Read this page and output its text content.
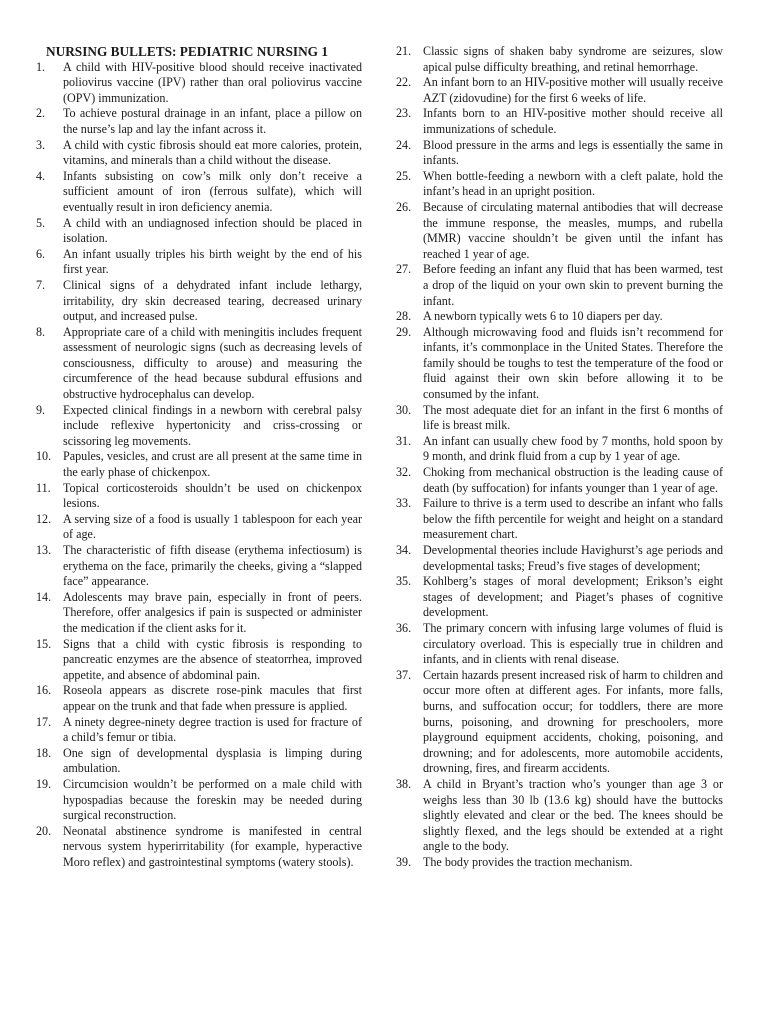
NURSING BULLETS: PEDIATRIC NURSING 1
1.	A child with HIV-positive blood should receive inactivated poliovirus vaccine (IPV) rather than oral poliovirus vaccine (OPV) immunization.
2.	To achieve postural drainage in an infant, place a pillow on the nurse’s lap and lay the infant across it.
3.	A child with cystic fibrosis should eat more calories, protein, vitamins, and minerals than a child without the disease.
4.	Infants subsisting on cow’s milk only don’t receive a sufficient amount of iron (ferrous sulfate), which will eventually result in iron deficiency anemia.
5.	A child with an undiagnosed infection should be placed in isolation.
6.	An infant usually triples his birth weight by the end of his first year.
7.	Clinical signs of a dehydrated infant include lethargy, irritability, dry skin decreased tearing, decreased urinary output, and increased pulse.
8.	Appropriate care of a child with meningitis includes frequent assessment of neurologic signs (such as decreasing levels of consciousness, difficulty to arouse) and measuring the circumference of the head because subdural effusions and obstructive hydrocephalus can develop.
9.	Expected clinical findings in a newborn with cerebral palsy include reflexive hypertonicity and criss-crossing or scissoring leg movements.
10. Papules, vesicles, and crust are all present at the same time in the early phase of chickenpox.
11.	Topical corticosteroids shouldn’t be used on chickenpox lesions.
12. A serving size of a food is usually 1 tablespoon for each year of age.
13. The characteristic of fifth disease (erythema infectiosum) is erythema on the face, primarily the cheeks, giving a “slapped face” appearance.
14. Adolescents may brave pain, especially in front of peers. Therefore, offer analgesics if pain is suspected or administer the medication if the client asks for it.
15. Signs that a child with cystic fibrosis is responding to pancreatic enzymes are the absence of steatorrhea, improved appetite, and absence of abdominal pain.
16. Roseola appears as discrete rose-pink macules that first appear on the trunk and that fade when pressure is applied.
17. A ninety degree-ninety degree traction is used for fracture of a child’s femur or tibia.
18. One sign of developmental dysplasia is limping during ambulation.
19. Circumcision wouldn’t be performed on a male child with hypospadias because the foreskin may be needed during surgical reconstruction.
20. Neonatal abstinence syndrome is manifested in central nervous system hyperirritability (for example, hyperactive Moro reflex) and gastrointestinal symptoms (watery stools).
21. Classic signs of shaken baby syndrome are seizures, slow apical pulse difficulty breathing, and retinal hemorrhage.
22. An infant born to an HIV-positive mother will usually receive AZT (zidovudine) for the first 6 weeks of life.
23. Infants born to an HIV-positive mother should receive all immunizations of schedule.
24. Blood pressure in the arms and legs is essentially the same in infants.
25. When bottle-feeding a newborn with a cleft palate, hold the infant’s head in an upright position.
26. Because of circulating maternal antibodies that will decrease the immune response, the measles, mumps, and rubella (MMR) vaccine shouldn’t be given until the infant has reached 1 year of age.
27. Before feeding an infant any fluid that has been warmed, test a drop of the liquid on your own skin to prevent burning the infant.
28. A newborn typically wets 6 to 10 diapers per day.
29. Although microwaving food and fluids isn’t recommend for infants, it’s commonplace in the United States. Therefore the family should be toughs to test the temperature of the food or fluid against their own skin before allowing it to be consumed by the infant.
30. The most adequate diet for an infant in the first 6 months of life is breast milk.
31. An infant can usually chew food by 7 months, hold spoon by 9 month, and drink fluid from a cup by 1 year of age.
32. Choking from mechanical obstruction is the leading cause of death (by suffocation) for infants younger than 1 year of age.
33. Failure to thrive is a term used to describe an infant who falls below the fifth percentile for weight and height on a standard measurement chart.
34. Developmental theories include Havighurst’s age periods and developmental tasks; Freud’s five stages of development;
35. Kohlberg’s stages of moral development; Erikson’s eight stages of development; and Piaget’s phases of cognitive development.
36. The primary concern with infusing large volumes of fluid is circulatory overload. This is especially true in children and infants, and in clients with renal disease.
37. Certain hazards present increased risk of harm to children and occur more often at different ages. For infants, more falls, burns, and suffocation occur; for toddlers, there are more burns, poisoning, and drowning for preschoolers, more playground equipment accidents, choking, poisoning, and drowning; and for adolescents, more automobile accidents, drowning, fires, and firearm accidents.
38. A child in Bryant’s traction who’s younger than age 3 or weighs less than 30 lb (13.6 kg) should have the buttocks slightly elevated and clear or the bed. The knees should be slightly flexed, and the legs should be extended at a right angle to the body.
39. The body provides the traction mechanism.
